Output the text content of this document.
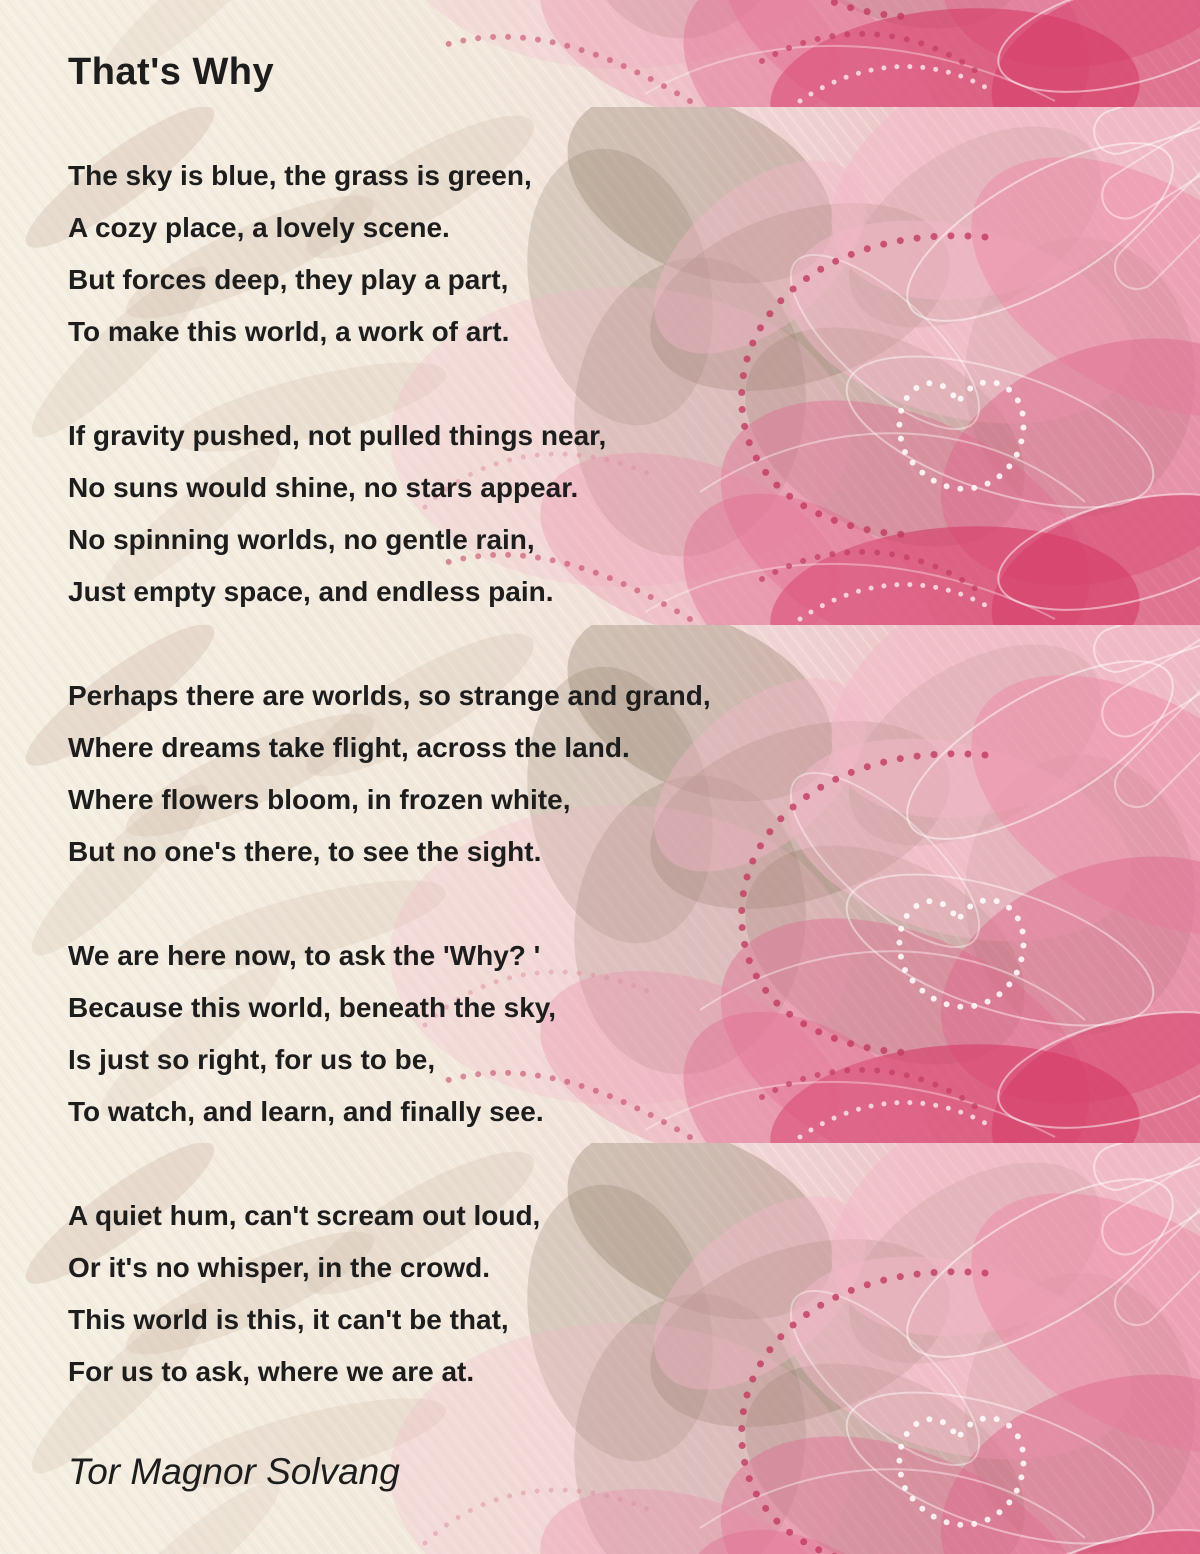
That's Why
The sky is blue, the grass is green,
A cozy place, a lovely scene.
But forces deep, they play a part,
To make this world, a work of art.
If gravity pushed, not pulled things near,
No suns would shine, no stars appear.
No spinning worlds, no gentle rain,
Just empty space, and endless pain.
Perhaps there are worlds, so strange and grand,
Where dreams take flight, across the land.
Where flowers bloom, in frozen white,
But no one's there, to see the sight.
We are here now, to ask the 'Why? '
Because this world, beneath the sky,
Is just so right, for us to be,
To watch, and learn, and finally see.
A quiet hum, can't scream out loud,
Or it's no whisper, in the crowd.
This world is this, it can't be that,
For us to ask, where we are at.
Tor Magnor Solvang
